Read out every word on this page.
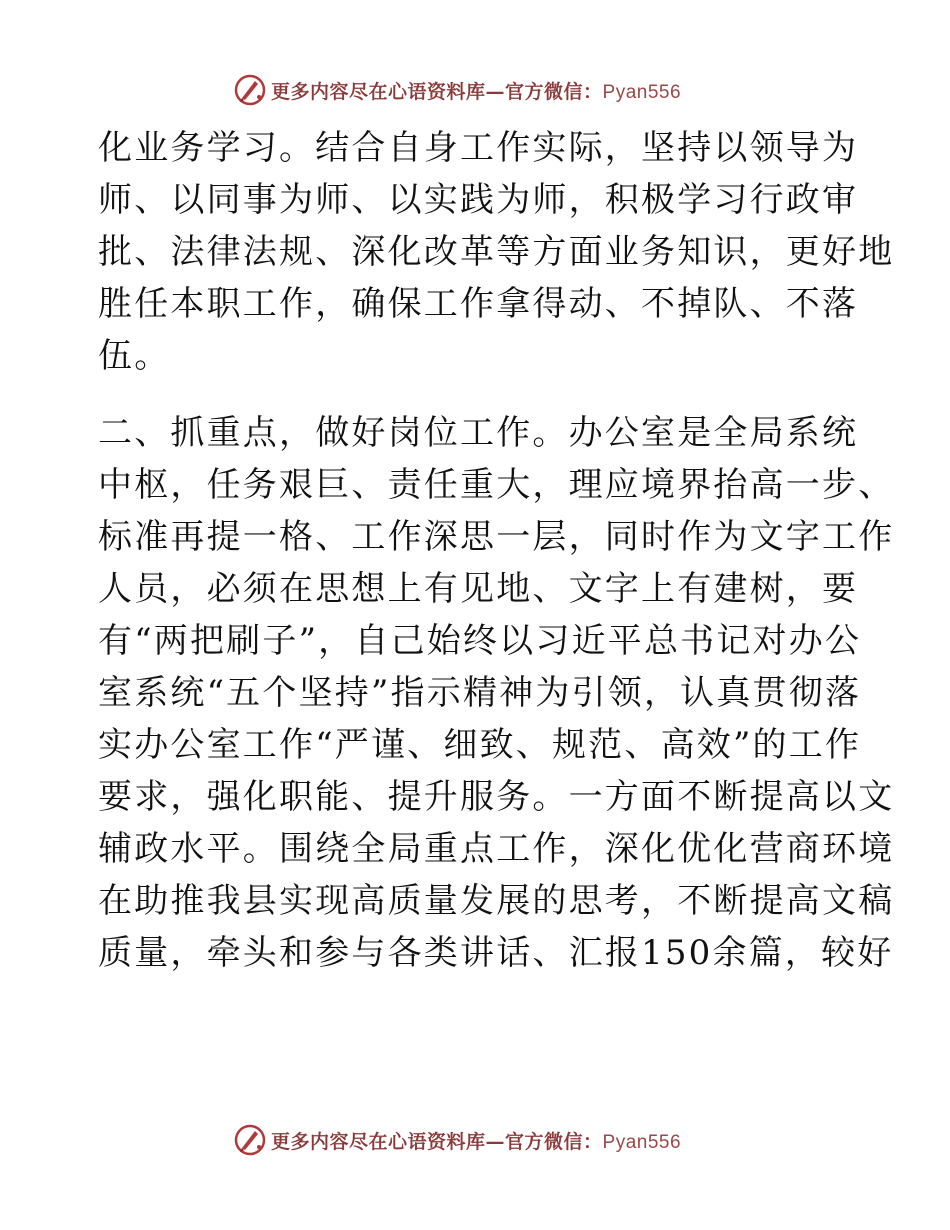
更多内容尽在心语资料库—官方微信：Pyan556
化业务学习。结合自身工作实际，坚持以领导为
师、以同事为师、以实践为师，积极学习行政审
批、法律法规、深化改革等方面业务知识，更好地
胜任本职工作，确保工作拿得动、不掉队、不落
伍。
二、抓重点，做好岗位工作。办公室是全局系统
中枢，任务艰巨、责任重大，理应境界抬高一步、
标准再提一格、工作深思一层，同时作为文字工作
人员，必须在思想上有见地、文字上有建树，要
有“两把刷子”，自己始终以习近平总书记对办公
室系统“五个坚持”指示精神为引领，认真贯彻落
实办公室工作“严谨、细致、规范、高效”的工作
要求，强化职能、提升服务。一方面不断提高以文
辅政水平。围绕全局重点工作，深化优化营商环境
在助推我县实现高质量发展的思考，不断提高文稿
质量，牵头和参与各类讲话、汇报150余篇，较好
更多内容尽在心语资料库—官方微信：Pyan556
